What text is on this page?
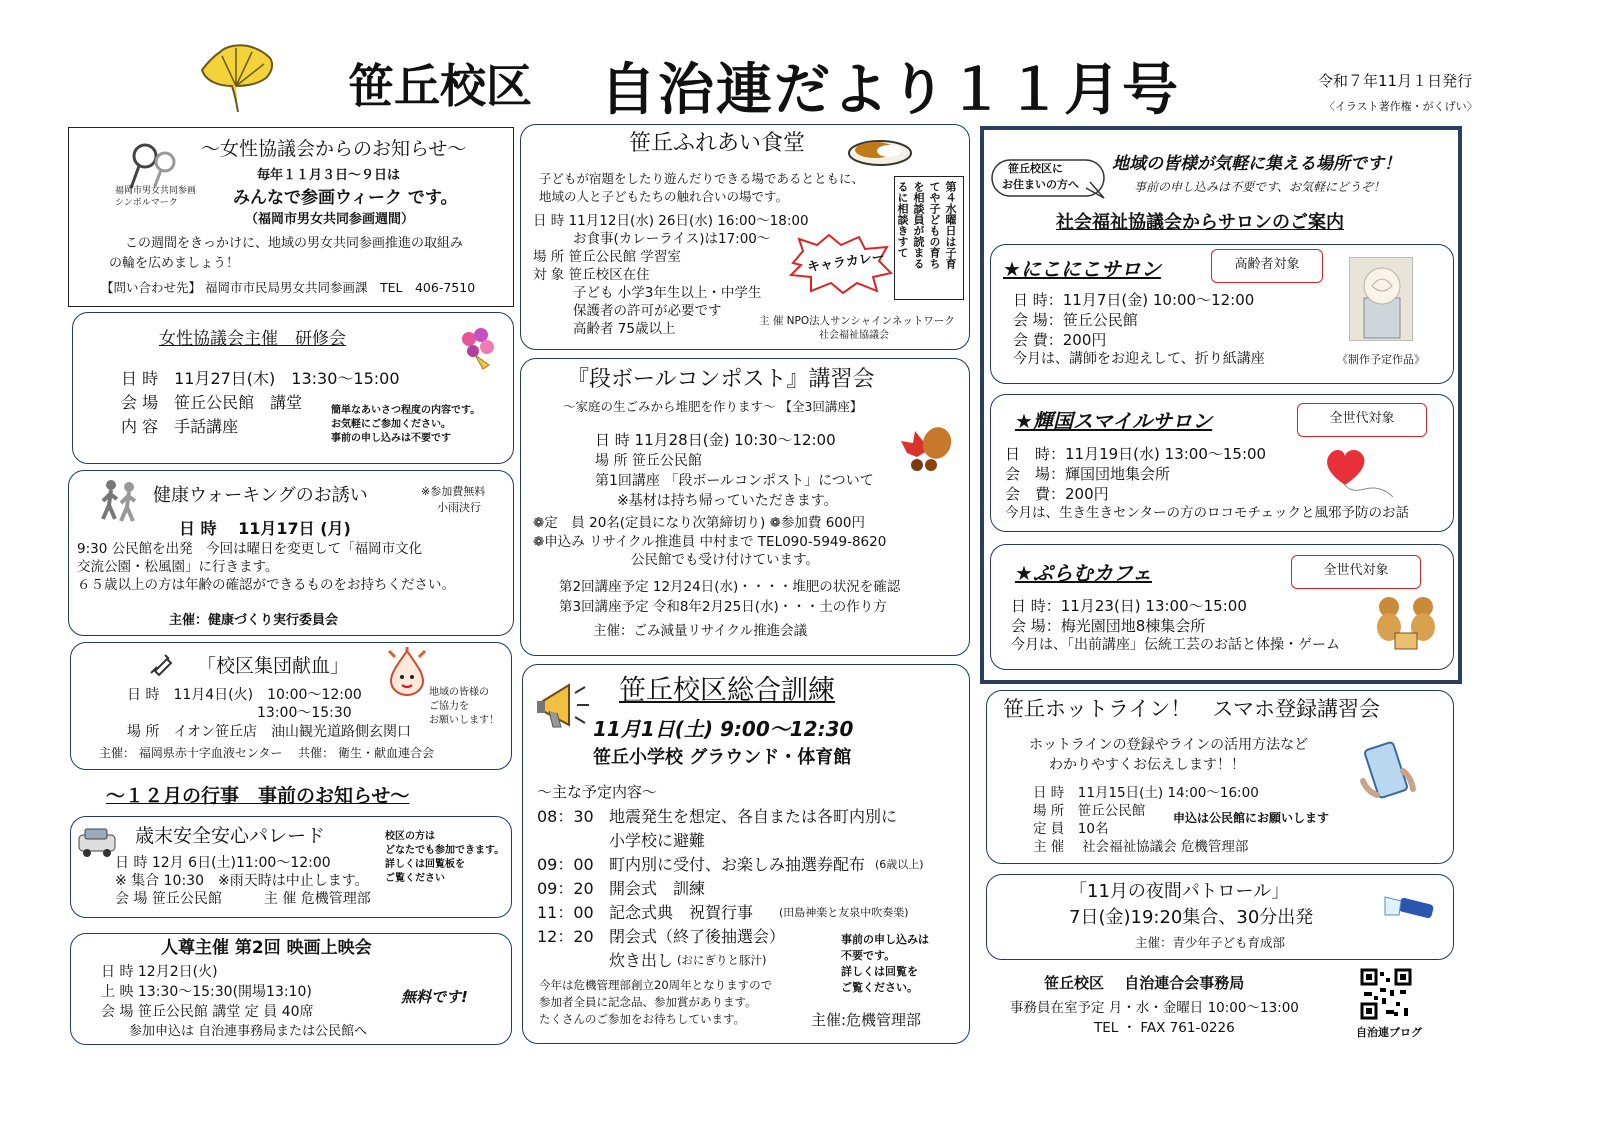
笹丘校区 自治連だより１１月号	令和７年11月１日発行
〈イラスト著作権・がくげい〉
福岡市男女共同参画
シンボルマーク
～女性協議会からのお知らせ～
毎年１１月３日～９日は
みんなで参画ウィーク です。
（福岡市男女共同参画週間）
この週間をきっかけに、地域の男女共同参画推進の取組み
の輪を広めましょう！
【問い合わせ先】 福岡市市民局男女共同参画課　TEL　406-7510
女性協議会主催　研修会
日 時　11月27日(木)　13:30～15:00
会 場　笹丘公民館　講堂
内 容　手話講座
簡単なあいさつ程度の内容です。
お気軽にご参加ください。
事前の申し込みは不要です
健康ウォーキングのお誘い	※参加費無料
小雨決行
日 時　 11月17日 (月)
9:30 公民館を出発　今回は曜日を変更して「福岡市文化
交流公園・松風園」に行きます。
６５歳以上の方は年齢の確認ができるものをお持ちください。
主催：健康づくり実行委員会
「校区集団献血」
日 時　11月4日(火)　10:00～12:00
13:00～15:30
場 所　イオン笹丘店　油山観光道路側玄関口
主催： 福岡県赤十字血液センター　 共催： 衛生・献血連合会
地域の皆様の
ご協力を
お願いします！
～１２月の行事　事前のお知らせ～
歳末安全安心パレード
日 時 12月 6日(土)11:00～12:00
※ 集合 10:30　※雨天時は中止します。
会 場 笹丘公民館　　　主 催 危機管理部
校区の方は
どなたでも参加できます。
詳しくは回覧板を
ご覧ください
人尊主催 第2回 映画上映会
日 時 12月2日(火)
上 映 13:30～15:30(開場13:10)
会 場 笹丘公民館 講堂 定 員 40席
参加申込は 自治連事務局または公民館へ
無料です!
笹丘ふれあい食堂
子どもが宿題をしたり遊んだりできる場であるとともに、
地域の人と子どもたちの触れ合いの場です。
日 時 11月12日(水) 26日(水) 16:00～18:00
お食事(カレーライス)は17:00～
場 所 笹丘公民館 学習室
対 象 笹丘校区在住
子ども 小学3年生以上・中学生
保護者の許可が必要です
高齢者 75歳以上
キャラカレー
主 催 NPO法人サンシャインネットワーク
社会福祉協議会
第４水曜日は子育
てや子どもの育ち
を相談員が読まる
るに相談きすて
『段ボールコンポスト』講習会
～家庭の生ごみから堆肥を作ります～ 【全3回講座】
日 時 11月28日(金) 10:30～12:00
場 所 笹丘公民館
第1回講座 「段ボールコンポスト」について
※基材は持ち帰っていただきます。
❁定　員 20名(定員になり次第締切り) ❁参加費 600円
❁申込み リサイクル推進員 中村まで TEL090-5949-8620
公民館でも受け付けています。
第2回講座予定 12月24日(水)・・・・堆肥の状況を確認
第3回講座予定 令和8年2月25日(水)・・・土の作り方
主催：ごみ減量リサイクル推進会議
笹丘校区総合訓練
11月1日(土) 9:00～12:30
笹丘小学校 グラウンド・体育館
～主な予定内容～
08：30 地震発生を想定、各自または各町内別に
小学校に避難
09：00 町内別に受付、お楽しみ抽選券配布 (6歳以上)
09：20 開会式　訓練
11：00 記念式典　祝賀行事 (田島神楽と友泉中吹奏楽)
12：20 閉会式（終了後抽選会）
炊き出し (おにぎりと豚汁)
事前の申し込みは
不要です。
詳しくは回覧を
ご覧ください。
今年は危機管理部創立20周年となりますので
参加者全員に記念品、参加賞があります。
たくさんのご参加をお待ちしています。	主催:危機管理部
笹丘校区に
お住まいの方へ
地域の皆様が気軽に集える場所です！
事前の申し込みは不要です、お気軽にどうぞ！
社会福祉協議会からサロンのご案内
★にこにこサロン	高齢者対象
日 時：11月7日(金) 10:00～12:00
会 場：笹丘公民館
会 費：200円
今月は、講師をお迎えして、折り紙講座	《制作予定作品》
★輝国スマイルサロン	全世代対象
日　時：11月19日(水) 13:00～15:00
会　場：輝国団地集会所
会　費：200円
今月は、生き生きセンターの方のロコモチェックと風邪予防のお話
★ぷらむカフェ	全世代対象
日 時：11月23(日) 13:00～15:00
会 場：梅光園団地8棟集会所
今月は、「出前講座」伝統工芸のお話と体操・ゲーム
笹丘ホットライン！　スマホ登録講習会
ホットラインの登録やラインの活用方法など
わかりやすくお伝えします！！
日 時　11月15日(土) 14:00～16:00
場 所　笹丘公民館
定 員　10名
主 催　 社会福祉協議会 危機管理部
申込は公民館にお願いします
「11月の夜間パトロール」
7日(金)19:20集合、30分出発
主催：青少年子ども育成部
笹丘校区　 自治連合会事務局
事務員在室予定 月・水・金曜日 10:00～13:00
TEL ・ FAX 761-0226	自治連ブログ
